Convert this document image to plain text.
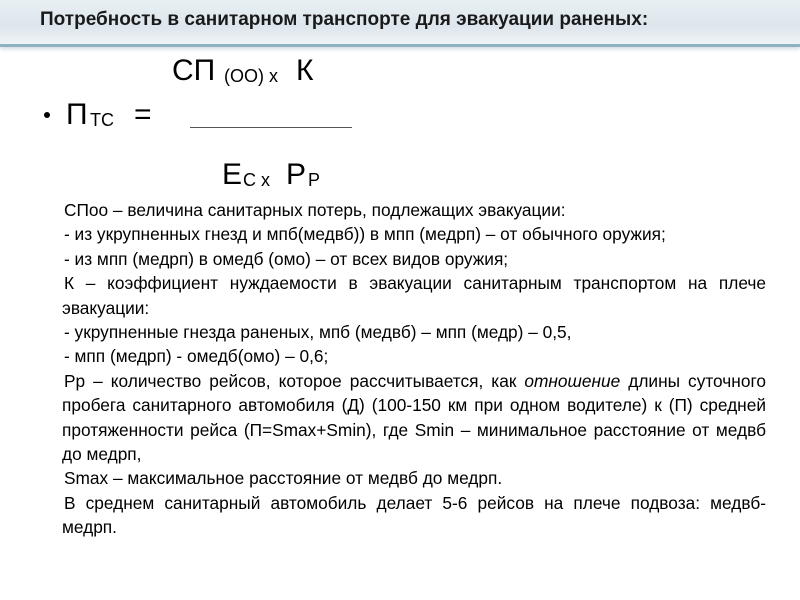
Потребность в санитарном транспорте для эвакуации раненых:
СП (ОО) х К
П ТС =
Е С х Р Р

СПоо – величина санитарных потерь, подлежащих эвакуации:

- из укрупненных гнезд и мпб(медвб)) в мпп (медрп) – от обычного оружия;

- из мпп (медрп) в омедб (омо) – от всех видов оружия;

К – коэффициент нуждаемости в эвакуации санитарным транспортом на плече эвакуации:

- укрупненные гнезда раненых, мпб (медвб) – мпп (медр) – 0,5,

- мпп (медрп) - омедб(омо) – 0,6;

Рр – количество рейсов, которое рассчитывается, как отношение длины суточного пробега санитарного автомобиля (Д) (100-150 км при одном водителе) к (П) средней протяженности рейса (П=Smax+Smin), где Smin – минимальное расстояние от медвб до медрп,

Smax – максимальное расстояние от медвб до медрп.

В среднем санитарный автомобиль делает 5-6 рейсов на плече подвоза: медвб-медрп.
